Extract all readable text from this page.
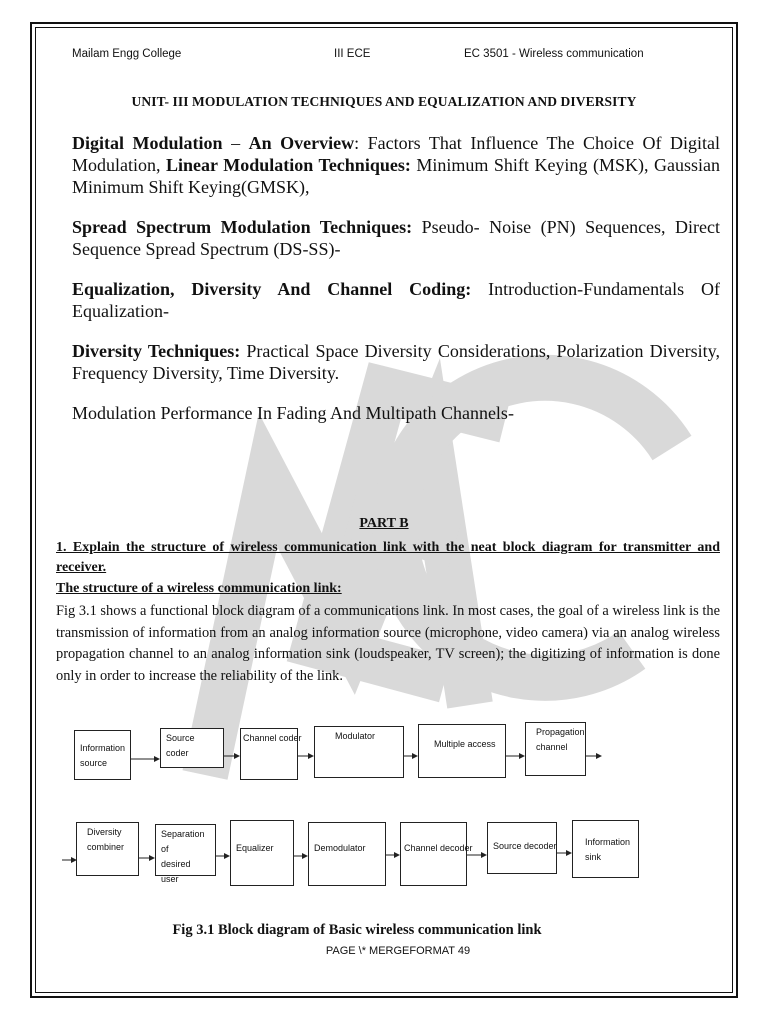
Mailam Engg College	III ECE	EC 3501 - Wireless communication
UNIT- III MODULATION TECHNIQUES AND EQUALIZATION AND DIVERSITY

Digital Modulation – An Overview: Factors That Influence The Choice Of Digital Modulation, Linear Modulation Techniques: Minimum Shift Keying (MSK), Gaussian Minimum Shift Keying(GMSK),

Spread Spectrum Modulation Techniques: Pseudo- Noise (PN) Sequences, Direct Sequence Spread Spectrum (DS-SS)-

Equalization, Diversity And Channel Coding: Introduction-Fundamentals Of Equalization-

Diversity Techniques: Practical Space Diversity Considerations, Polarization Diversity, Frequency Diversity, Time Diversity.

Modulation Performance In Fading And Multipath Channels-

PART B
1. Explain the structure of wireless communication link with the neat block diagram for transmitter and receiver.
The structure of a wireless communication link:
Fig 3.1 shows a functional block diagram of a communications link. In most cases, the goal of a wireless link is the transmission of information from an analog information source (microphone, video camera) via an analog wireless propagation channel to an analog information sink (loudspeaker, TV screen); the digitizing of information is done only in order to increase the reliability of the link.
Information
source
Source coder
Channel coder	Modulator
Multiple access
Propagation
channel
Diversity
combiner
Separation of
desired user
Equalizer	Demodulator	Channel decoder Source decoder	Information
sink
Fig 3.1 Block diagram of Basic wireless communication link
PAGE \* MERGEFORMAT 49
